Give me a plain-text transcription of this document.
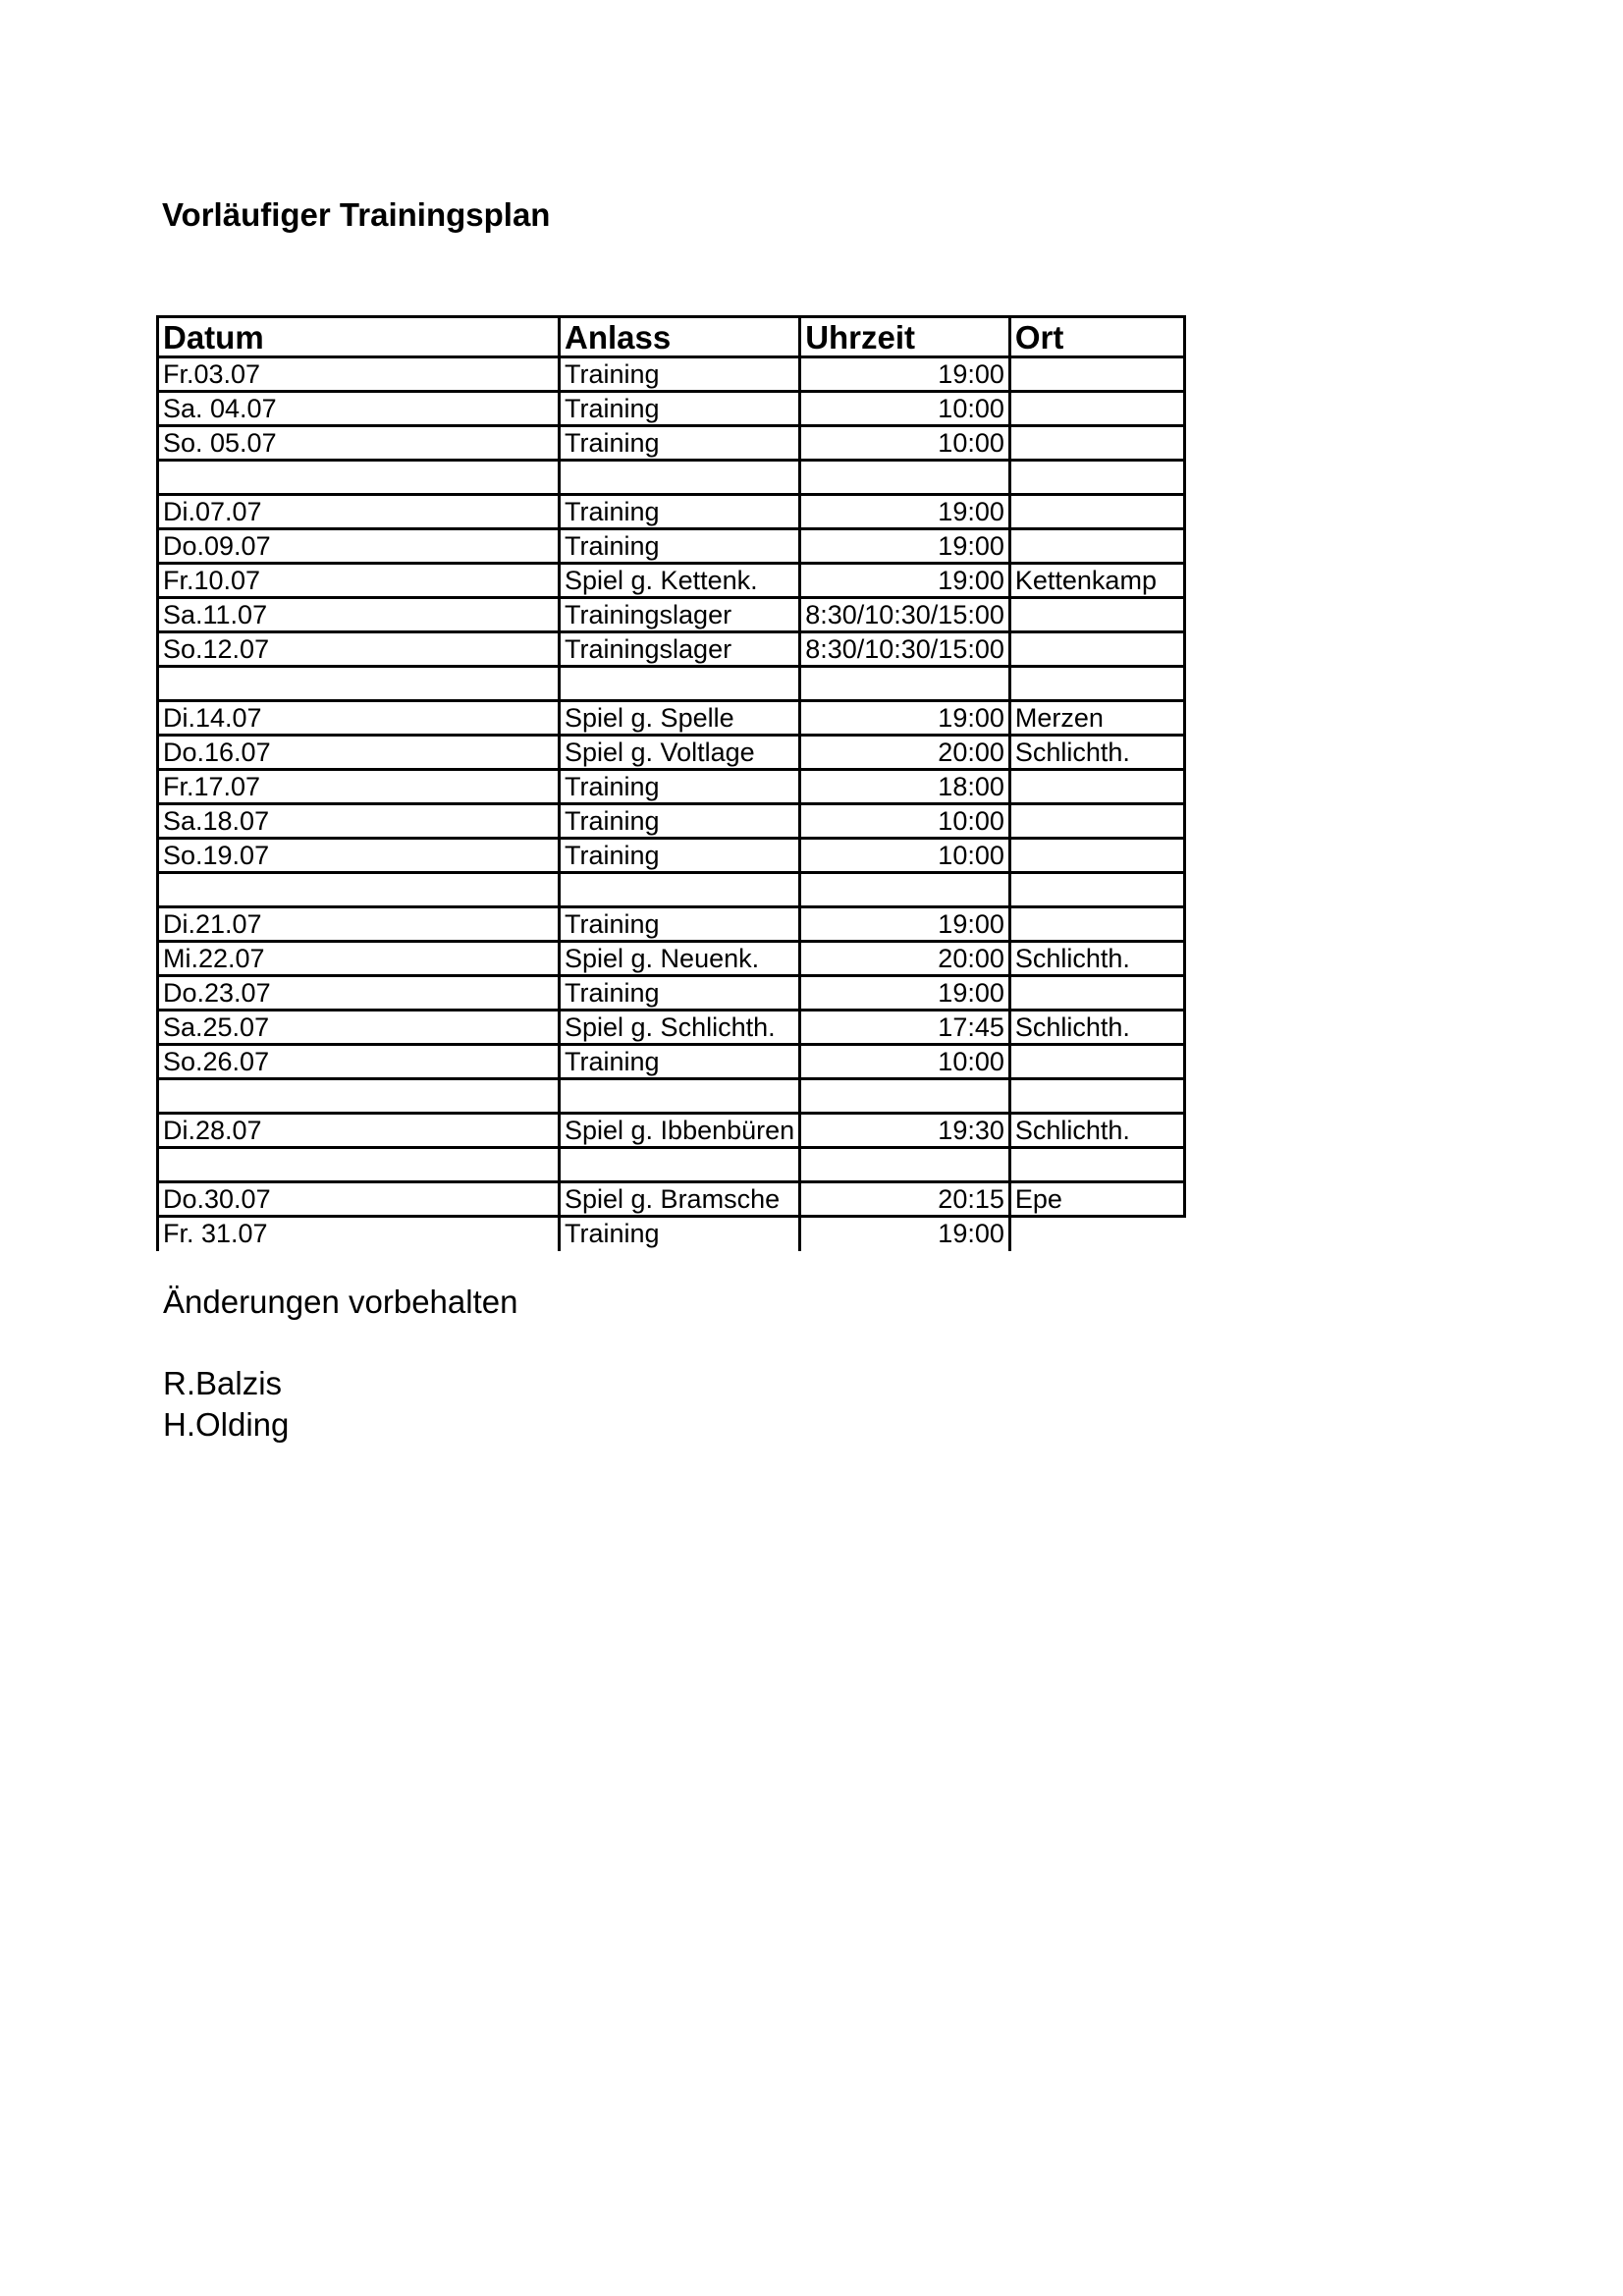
Vorläufiger Trainingsplan
Datum	Anlass	Uhrzeit	Ort
Fr.03.07	Training	19:00	
Sa. 04.07	Training	10:00	
So. 05.07	Training	10:00	

Di.07.07	Training	19:00	
Do.09.07	Training	19:00	
Fr.10.07	Spiel g. Kettenk.	19:00	Kettenkamp
Sa.11.07	Trainingslager	8:30/10:30/15:00	
So.12.07	Trainingslager	8:30/10:30/15:00	

Di.14.07	Spiel g. Spelle	19:00	Merzen
Do.16.07	Spiel g. Voltlage	20:00	Schlichth.
Fr.17.07	Training	18:00	
Sa.18.07	Training	10:00	
So.19.07	Training	10:00	

Di.21.07	Training	19:00	
Mi.22.07	Spiel g. Neuenk.	20:00	Schlichth.
Do.23.07	Training	19:00	
Sa.25.07	Spiel g. Schlichth.	17:45	Schlichth.
So.26.07	Training	10:00	

Di.28.07	Spiel g. Ibbenbüren	19:30	Schlichth.

Do.30.07	Spiel g. Bramsche	20:15	Epe
Fr. 31.07	Training	19:00	

Änderungen vorbehalten

R.Balzis
H.Olding
